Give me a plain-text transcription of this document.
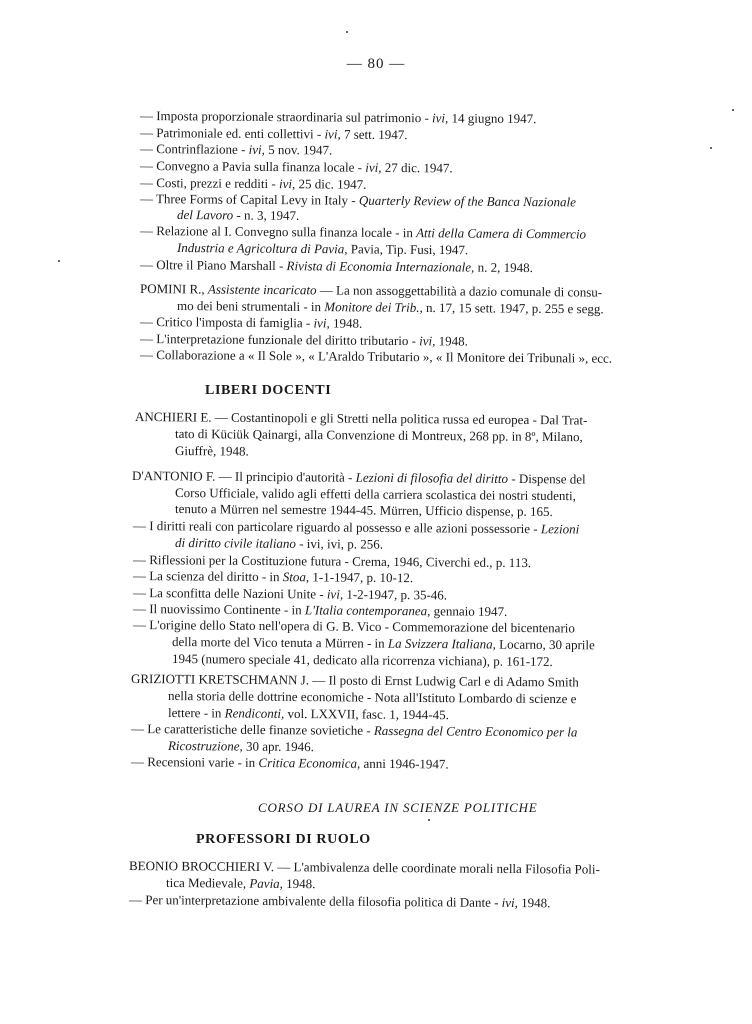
— 80 —
— Imposta proporzionale straordinaria sul patrimonio - ivi, 14 giugno 1947.
— Patrimoniale ed. enti collettivi - ivi, 7 sett. 1947.
— Contrinflazione - ivi, 5 nov. 1947.
— Convegno a Pavia sulla finanza locale - ivi, 27 dic. 1947.
— Costi, prezzi e redditi - ivi, 25 dic. 1947.
— Three Forms of Capital Levy in Italy - Quarterly Review of the Banca Nazionale
del Lavoro - n. 3, 1947.
— Relazione al I. Convegno sulla finanza locale - in Atti della Camera di Commercio
Industria e Agricoltura di Pavia, Pavia, Tip. Fusi, 1947.
— Oltre il Piano Marshall - Rivista di Economia Internazionale, n. 2, 1948.
POMINI R., Assistente incaricato — La non assoggettabilità a dazio comunale di consu-
mo dei beni strumentali - in Monitore dei Trib., n. 17, 15 sett. 1947, p. 255 e segg.
— Critico l'imposta di famiglia - ivi, 1948.
— L'interpretazione funzionale del diritto tributario - ivi, 1948.
— Collaborazione a « Il Sole », « L'Araldo Tributario », « Il Monitore dei Tribunali », ecc.
ANCHIERI E. — Costantinopoli e gli Stretti nella politica russa ed europea - Dal Trat-
tato di Küciük Qainargi, alla Convenzione di Montreux, 268 pp. in 8º, Milano,
Giuffrè, 1948.
D'ANTONIO F. — Il principio d'autorità - Lezioni di filosofia del diritto - Dispense del
Corso Ufficiale, valido agli effetti della carriera scolastica dei nostri studenti,
tenuto a Mürren nel semestre 1944-45. Mürren, Ufficio dispense, p. 165.
— I diritti reali con particolare riguardo al possesso e alle azioni possessorie - Lezioni
di diritto civile italiano - ivi, ivi, p. 256.
— Riflessioni per la Costituzione futura - Crema, 1946, Civerchi ed., p. 113.
— La scienza del diritto - in Stoa, 1-1-1947, p. 10-12.
— La sconfitta delle Nazioni Unite - ivi, 1-2-1947, p. 35-46.
— Il nuovissimo Continente - in L'Italia contemporanea, gennaio 1947.
— L'origine dello Stato nell'opera di G. B. Vico - Commemorazione del bicentenario
della morte del Vico tenuta a Mürren - in La Svizzera Italiana, Locarno, 30 aprile
1945 (numero speciale 41, dedicato alla ricorrenza vichiana), p. 161-172.
GRIZIOTTI KRETSCHMANN J. — Il posto di Ernst Ludwig Carl e di Adamo Smith
nella storia delle dottrine economiche - Nota all'Istituto Lombardo di scienze e
lettere - in Rendiconti, vol. LXXVII, fasc. 1, 1944-45.
— Le caratteristiche delle finanze sovietiche - Rassegna del Centro Economico per la
Ricostruzione, 30 apr. 1946.
— Recensioni varie - in Critica Economica, anni 1946-1947.
BEONIO BROCCHIERI V. — L'ambivalenza delle coordinate morali nella Filosofia Poli-
tica Medievale, Pavia, 1948.
— Per un'interpretazione ambivalente della filosofia politica di Dante - ivi, 1948.
LIBERI DOCENTI
CORSO DI LAUREA IN SCIENZE POLITICHE
PROFESSORI DI RUOLO
